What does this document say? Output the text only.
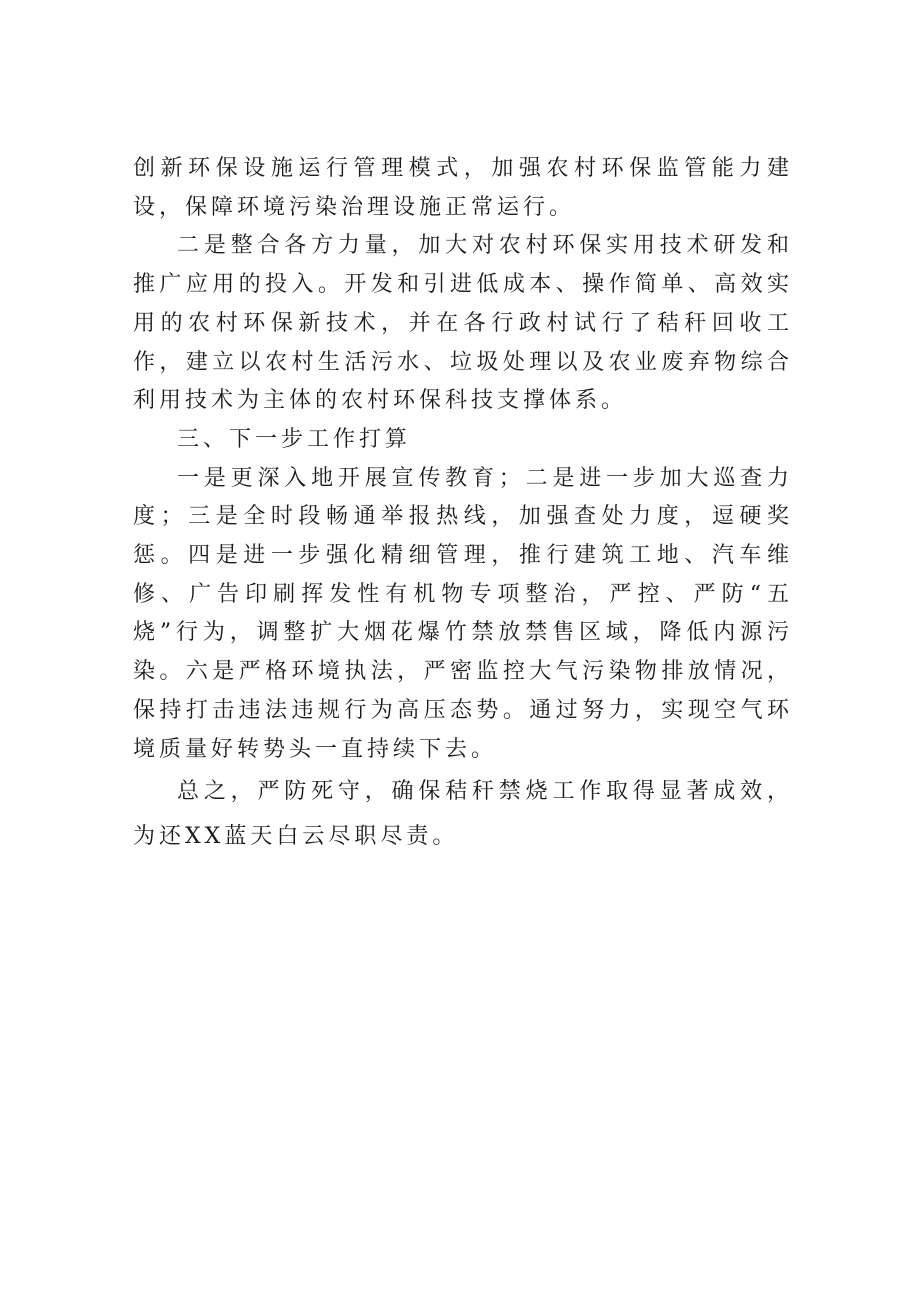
创新环保设施运行管理模式，加强农村环保监管能力建设，保障环境污染治理设施正常运行。

二是整合各方力量，加大对农村环保实用技术研发和推广应用的投入。开发和引进低成本、操作简单、高效实用的农村环保新技术，并在各行政村试行了秸秆回收工作，建立以农村生活污水、垃圾处理以及农业废弃物综合利用技术为主体的农村环保科技支撑体系。

三、下一步工作打算

一是更深入地开展宣传教育；二是进一步加大巡查力度；三是全时段畅通举报热线，加强查处力度，逗硬奖惩。四是进一步强化精细管理，推行建筑工地、汽车维修、广告印刷挥发性有机物专项整治，严控、严防“五烧”行为，调整扩大烟花爆竹禁放禁售区域，降低内源污染。六是严格环境执法，严密监控大气污染物排放情况，保持打击违法违规行为高压态势。通过努力，实现空气环境质量好转势头一直持续下去。

总之，严防死守，确保秸秆禁烧工作取得显著成效，为还XX蓝天白云尽职尽责。
